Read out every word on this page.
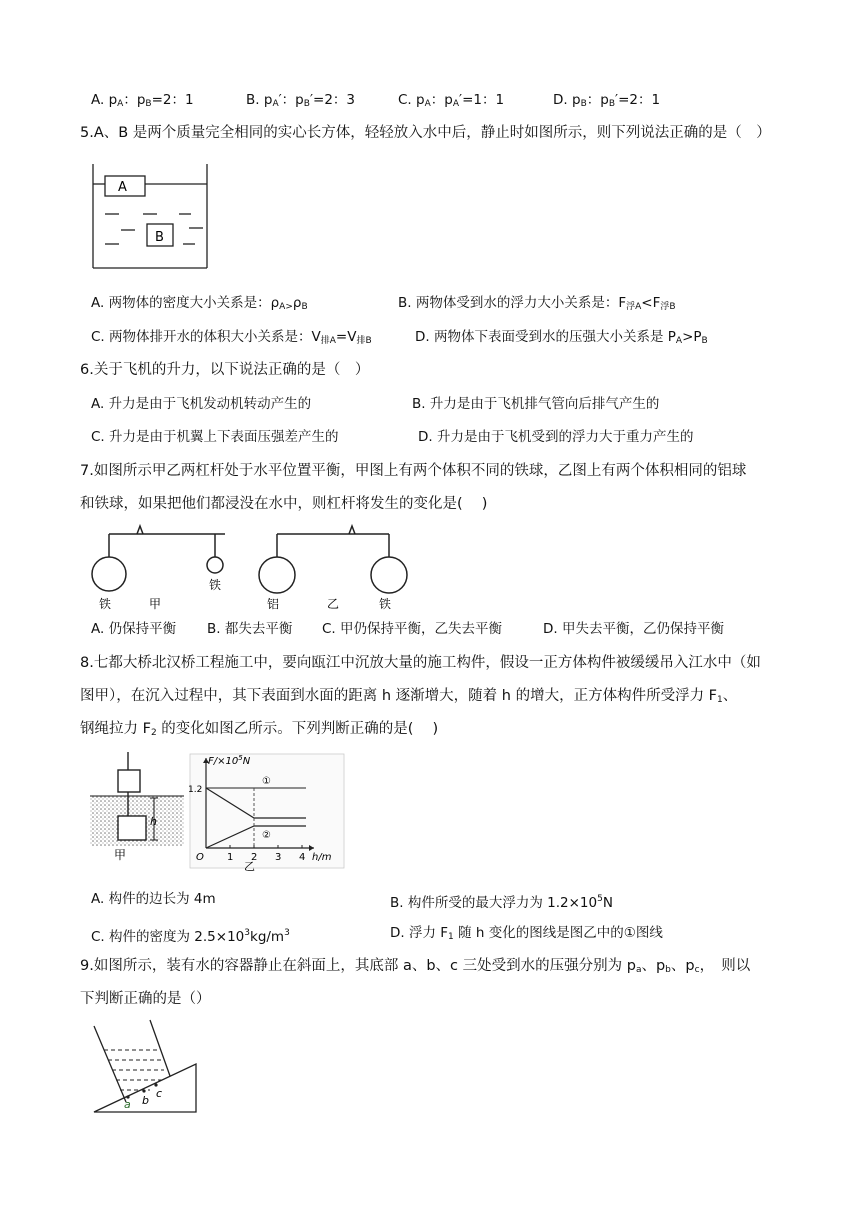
A. $p_A$：$p_B=2$：1	B. $p_A'$：$p_B'=2$：3	C. $p_A$：$p_A'=1$：1	D. $p_B$：$p_B'=2$：1
5.A、B 是两个质量完全相同的实心长方体，轻轻放入水中后，静止时如图所示，则下列说法正确的是（　）
A
B
A. 两物体的密度大小关系是：$\rho_{A>}\rho_B$	B. 两物体受到水的浮力大小关系是：$F_{浮A}<F_{浮B}$
C. 两物体排开水的体积大小关系是：$V_{排A}=V_{排B}$	D. 两物体下表面受到水的压强大小关系是 $P_A>P_B$
6.关于飞机的升力，以下说法正确的是（　）
A. 升力是由于飞机发动机转动产生的	B. 升力是由于飞机排气管向后排气产生的
C. 升力是由于机翼上下表面压强差产生的	D. 升力是由于飞机受到的浮力大于重力产生的
7.如图所示甲乙两杠杆处于水平位置平衡，甲图上有两个体积不同的铁球，乙图上有两个体积相同的铝球
和铁球，如果把他们都浸没在水中，则杠杆将发生的变化是(　 )
铁	甲
铁
铝	乙	铁
A. 仍保持平衡 B. 都失去平衡 C. 甲仍保持平衡，乙失去平衡	D. 甲失去平衡，乙仍保持平衡
8.七都大桥北汉桥工程施工中，要向瓯江中沉放大量的施工构件，假设一正方体构件被缓缓吊入江水中（如
图甲），在沉入过程中，其下表面到水面的距离 h 逐渐增大，随着 h 的增大，正方体构件所受浮力 $F_1$、
钢绳拉力 $F_2$ 的变化如图乙所示。下列判断正确的是(　 )
h
甲	O 1 2 3 4
1.2
①
②
$F/\times 10^5N$
h/m
乙
A. 构件的边长为 4m	B. 构件所受的最大浮力为 $1.2\times 10^5N$
C. 构件的密度为 $2.5\times 10^3kg/m^3$	D. 浮力 $F_1$ 随 h 变化的图线是图乙中的①图线
9.如图所示，装有水的容器静止在斜面上，其底部 a、b、c 三处受到水的压强分别为 $p_a$、$p_b$、$p_c$，　则以
下判断正确的是（）
a b
c
